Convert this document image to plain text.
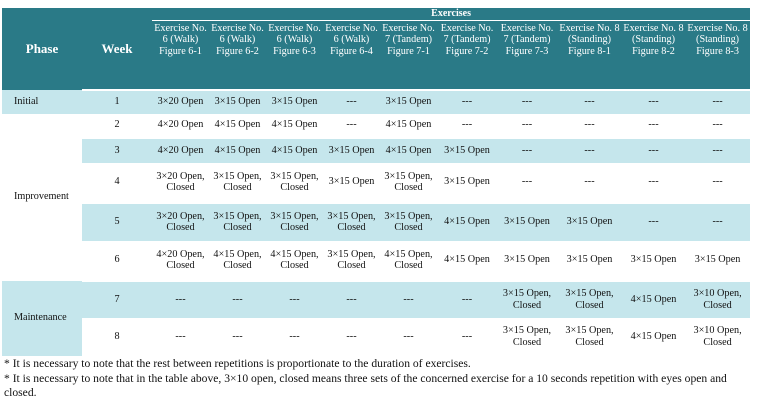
Phase	Week	Exercises									
		Exercise No. 6 (Walk) Figure 6-1	Exercise No. 6 (Walk) Figure 6-2	Exercise No. 6 (Walk) Figure 6-3	Exercise No. 6 (Walk) Figure 6-4	Exercise No. 7 (Tandem) Figure 7-1	Exercise No. 7 (Tandem) Figure 7-2	Exercise No. 7 (Tandem) Figure 7-3	Exercise No. 8 (Standing) Figure 8-1	Exercise No. 8 (Standing) Figure 8-2	Exercise No. 8 (Standing) Figure 8-3
Initial	1	3×20 Open	3×15 Open	3×15 Open	---	3×15 Open	---	---	---	---	---
Improvement	2	4×20 Open	4×15 Open	4×15 Open	---	4×15 Open	---	---	---	---	---
	3	4×20 Open	4×15 Open	4×15 Open	3×15 Open	4×15 Open	3×15 Open	---	---	---	---
	4	3×20 Open, Closed	3×15 Open, Closed	3×15 Open, Closed	3×15 Open	3×15 Open, Closed	3×15 Open	---	---	---	---
	5	3×20 Open, Closed	3×15 Open, Closed	3×15 Open, Closed	3×15 Open, Closed	3×15 Open, Closed	4×15 Open	3×15 Open	3×15 Open	---	---
	6	4×20 Open, Closed	4×15 Open, Closed	4×15 Open, Closed	3×15 Open, Closed	4×15 Open, Closed	4×15 Open	3×15 Open	3×15 Open	3×15 Open	3×15 Open
Maintenance	7	---	---	---	---	---	---	3×15 Open, Closed	3×15 Open, Closed	4×15 Open	3×10 Open, Closed
	8	---	---	---	---	---	---	3×15 Open, Closed	3×15 Open, Closed	4×15 Open	3×10 Open, Closed

* It is necessary to note that the rest between repetitions is proportionate to the duration of exercises.

* It is necessary to note that in the table above, 3×10 open, closed means three sets of the concerned exercise for a 10 seconds repetition with eyes open and closed.
